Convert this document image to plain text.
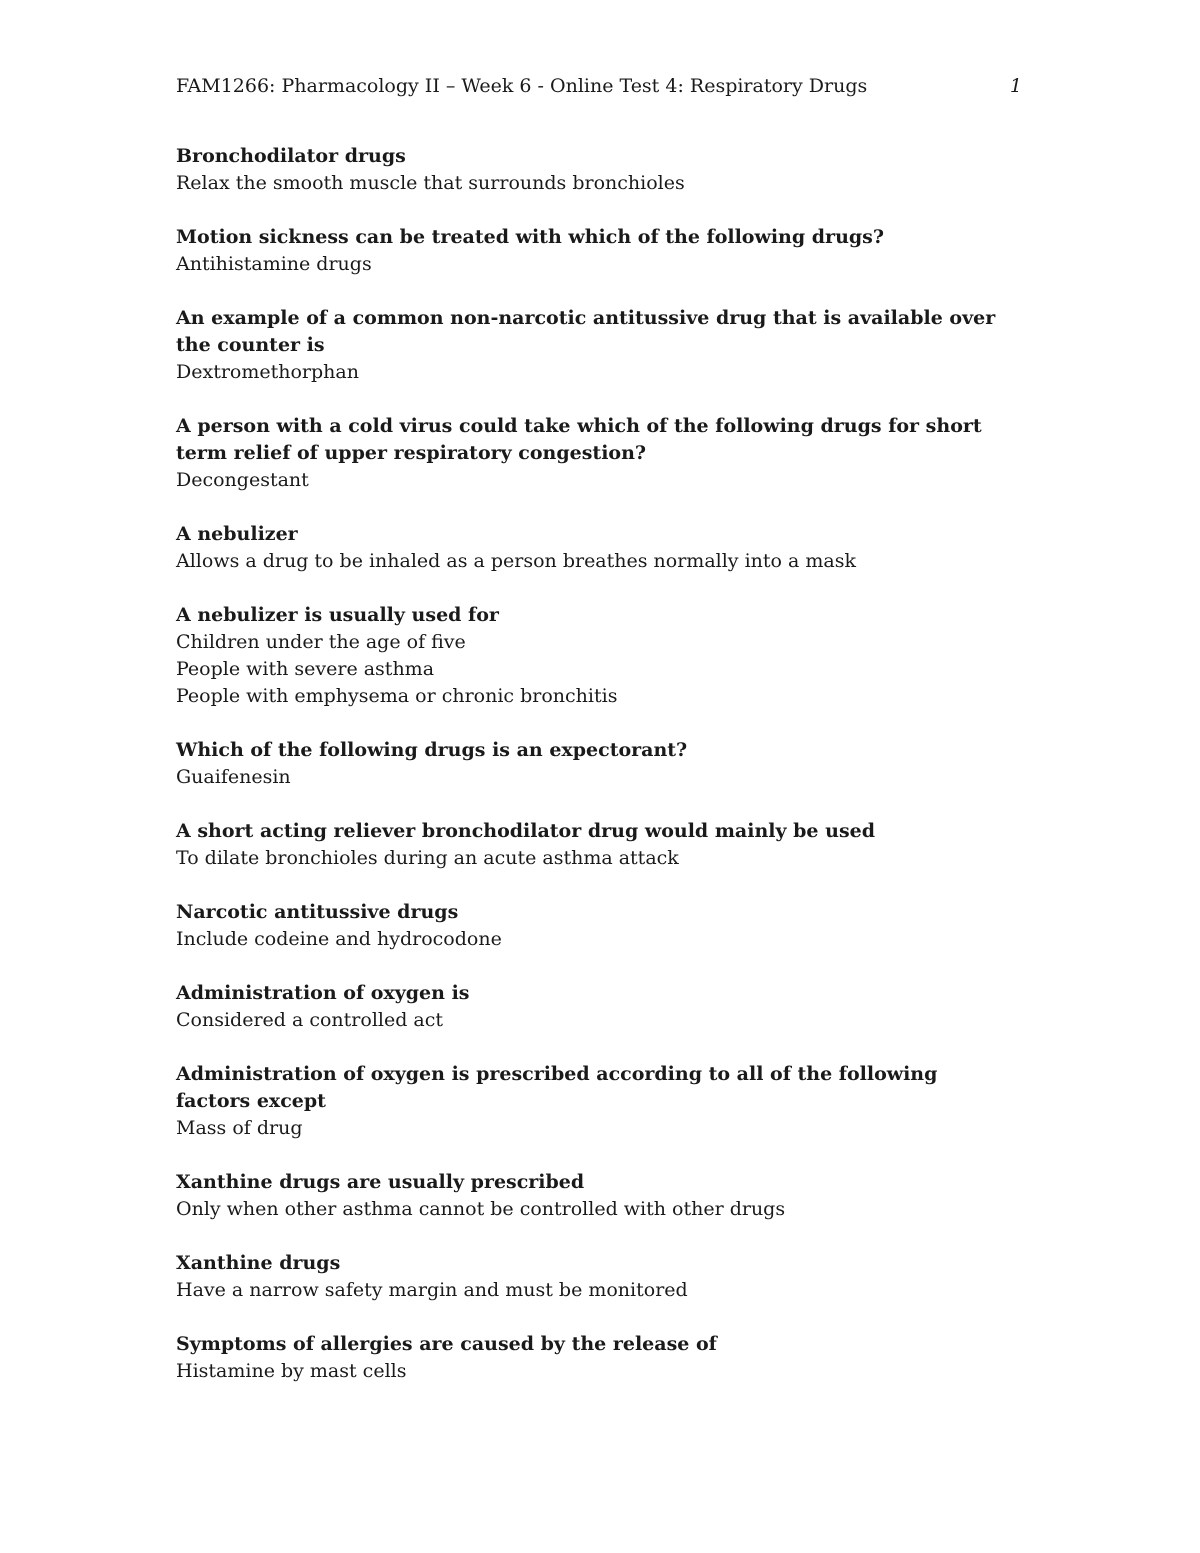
FAM1266: Pharmacology II – Week 6 - Online Test 4: Respiratory Drugs	1

Bronchodilator drugs

Relax the smooth muscle that surrounds bronchioles

Motion sickness can be treated with which of the following drugs?

Antihistamine drugs

An example of a common non-narcotic antitussive drug that is available over the counter is

Dextromethorphan

A person with a cold virus could take which of the following drugs for short term relief of upper respiratory congestion?

Decongestant

A nebulizer

Allows a drug to be inhaled as a person breathes normally into a mask

A nebulizer is usually used for

Children under the age of five

People with severe asthma

People with emphysema or chronic bronchitis

Which of the following drugs is an expectorant?

Guaifenesin

A short acting reliever bronchodilator drug would mainly be used

To dilate bronchioles during an acute asthma attack

Narcotic antitussive drugs

Include codeine and hydrocodone

Administration of oxygen is

Considered a controlled act

Administration of oxygen is prescribed according to all of the following factors except

Mass of drug

Xanthine drugs are usually prescribed

Only when other asthma cannot be controlled with other drugs

Xanthine drugs

Have a narrow safety margin and must be monitored

Symptoms of allergies are caused by the release of

Histamine by mast cells
